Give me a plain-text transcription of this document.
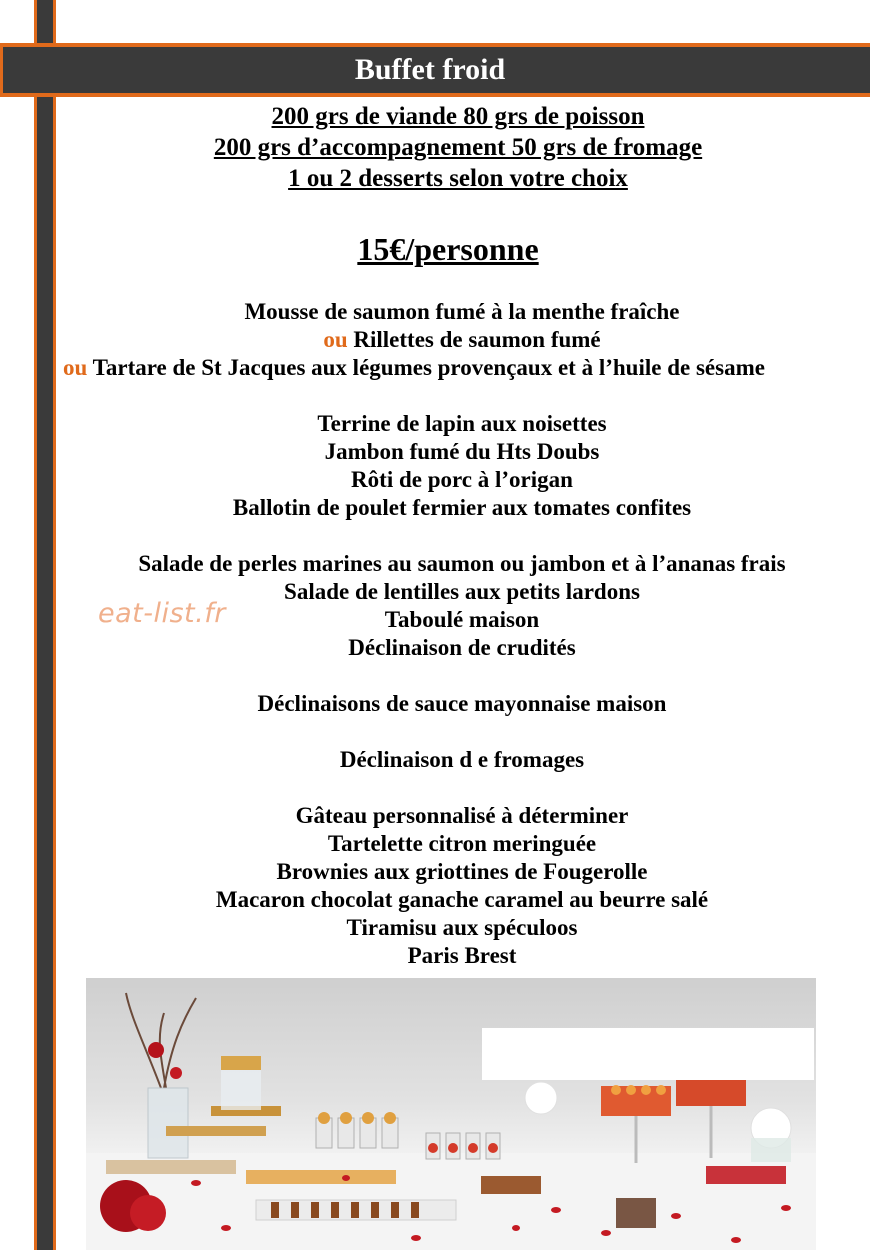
Buffet froid
200 grs de viande 80 grs de poisson
200 grs d’accompagnement 50 grs de fromage
1 ou 2 desserts selon votre choix
15€/personne
Mousse de saumon fumé à la menthe fraîche
ou Rillettes de saumon fumé
ou Tartare de St Jacques aux légumes provençaux et à l’huile de sésame
Terrine de lapin aux noisettes
Jambon fumé du Hts Doubs
Rôti de porc à l’origan
Ballotin de poulet fermier aux tomates confites
Salade de perles marines au saumon ou jambon et à l’ananas frais
Salade de lentilles aux petits lardons
Taboulé maison
Déclinaison de crudités
Déclinaisons de sauce mayonnaise maison
Déclinaison d e fromages
Gâteau personnalisé à déterminer
Tartelette citron meringuée
Brownies aux griottines de Fougerolle
Macaron chocolat ganache caramel au beurre salé
Tiramisu aux spéculoos
Paris Brest
eat-list.fr
